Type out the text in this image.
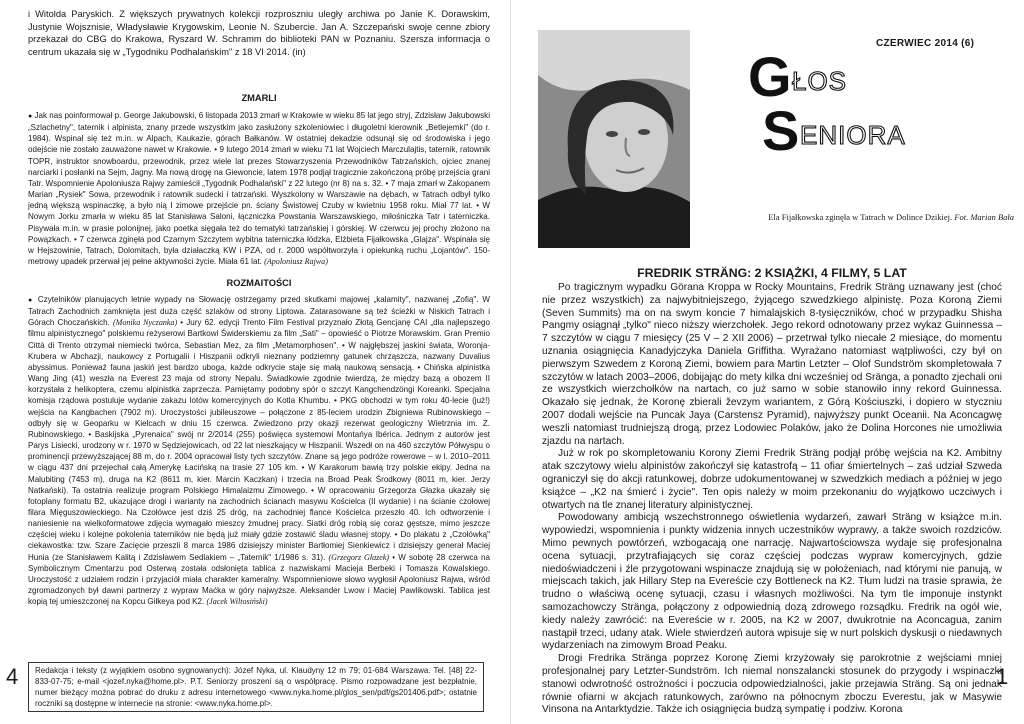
i Witolda Paryskich. Z większych prywatnych kolekcji rozproszniu uległy archiwa po Janie K. Dorawskim, Justynie Wojsznisie, Władysławie Krygowskim, Leonie N. Szubercie. Jan A. Szczepański swoje cenne zbiory przekazał do CBG do Krakowa, Ryszard W. Schramm do biblioteki PAN w Poznaniu. Szersza informacja o centrum ukazała się w „Tygodniku Podhalańskim" z 18 VI 2014. (in)

ZMARLI

● Jak nas poinformował p. George Jakubowski, 6 listopada 2013 zmarł w Krakowie w wieku 85 lat jego stryj, Zdzisław Jakubowski „Szlachetny", taternik i alpinista, znany przede wszystkim jako zasłużony szkoleniowiec i długoletni kierownik „Betlejemki" (do r. 1984). Wspinał się też m.in. w Alpach, Kaukazie, górach Bałkanów. W ostatniej dekadzie odsunął się od środowiska i jego odejście nie zostało zauważone nawet w Krakowie. • 9 lutego 2014 zmarł w wieku 71 lat Wojciech Marczulajtis, taternik, ratownik TOPR, instruktor snowboardu, przewodnik, przez wiele lat prezes Stowarzyszenia Przewodników Tatrzańskich, ojciec znanej narciarki i posłanki na Sejm, Jagny. Ma nową drogę na Giewoncie, latem 1978 podjął tragicznie zakończoną próbę przejścia grani Tatr. Wspomnienie Apoloniusza Rajwy zamieścił „Tygodnik Podhalański" z 22 lutego (nr 8) na s. 32. • 7 maja zmarł w Zakopanem Marian „Rysiek" Sowa, przewodnik i ratownik sudecki i tatrzański. Wyszkolony w Warszawie na dębach, w Tatrach odbył tylko jedną większą wspinaczkę, a było nią I zimowe przejście pn. ściany Świstowej Czuby w kwietniu 1958 roku. Miał 77 lat. • W Nowym Jorku zmarła w wieku 85 lat Stanisława Saloni, łączniczka Powstania Warszawskiego, miłośniczka Tatr i taterniczka. Pisywała m.in. w prasie polonijnej, jako poetka sięgała też do tematyki tatrzańskiej i górskiej. W czerwcu jej prochy złożono na Powązkach. • 7 czerwca zginęła pod Czarnym Szczytem wybitna taterniczka łódzka, Elżbieta Fijałkowska „Glajza". Wspinała się w Hejszowinie, Tatrach, Dolomitach, była działaczką KW i PZA, od r. 2000 współtworzyła i opiekunką ruchu „Lojantów". 150-metrowy upadek przerwał jej pełne aktywności życie. Miała 61 lat. (Apoloniusz Rajwa)

ROZMAITOŚCI

● Czytelników planujących letnie wypady na Słowację ostrzegamy przed skutkami majowej „kalamity", nazwanej „Zofią". W Tatrach Zachodnich zamknięta jest duża część szlaków od strony Liptowa. Zatarasowane są też ścieżki w Niskich Tatrach i Górach Choczańskich. (Monika Nyczanka) • Jury 62. edycji Trento Film Festival przyznało Złotą Gencjanę CAI „dla najlepszego filmu alpinistycznego" polskiemu reżyserowi Bartkowi Świderskiemu za film „Sati" – opowieść o Piotrze Morawskim. Gran Premio Città di Trento otrzymał niemiecki twórca, Sebastian Mez, za film „Metamorphosen". • W najgłębszej jaskini świata, Woronja-Krubera w Abchazji, naukowcy z Portugalii i Hiszpanii odkryli nieznany podziemny gatunek chrząszcza, nazwany Duvalius abyssimus. Poniewaź fauna jaskiń jest bardzo uboga, każde odkrycie staje się małą naukową sensacją. • Chińska alpinistka Wang Jing (41) weszła na Everest 23 maja od strony Nepalu. Świadkowie zgodnie twierdzą, że między bazą a obozem II korzystała z helikoptera, czemu alpinistka zaprzecza. Pamiętamy podobny spór o szczyt Kangchendzöngi Koreanki. Specjalna komisja rządowa postuluje wydanie zakazu lotów komercyjnych do Kotla Khumbu. • PKG obchodzi w tym roku 40-lecie (już!) wejścia na Kangbachen (7902 m). Uroczystości jubileuszowe – połączone z 85-leciem urodzin Zbigniewa Rubinowskiego – odbyły się w Geoparku w Kielcach w dniu 15 czerwca. Zwiedzono przy okazji rezerwat geologiczny Wietrznia im. Z. Rubinowskiego. • Baskijska „Pyrenaica" swój nr 2/2014 (255) poświęca systemowi Montańya Ibérica. Jednym z autorów jest Parys Lisiecki, urodzony w r. 1970 w Sędziejowicach, od 22 lat nieszkający w Hiszpanii. Wszedł on na 460 szczytów Półwyspu o prominencji przewyższającej 88 m, do r. 2004 opracował listy tych szczytów. Znane są jego podróże rowerowe – w l. 2010–2011 w ciągu 437 dni przejechał całą Amerykę Łacińską na trasie 27 105 km. • W Karakorum bawią trzy polskie ekipy. Jedna na Malubiting (7453 m), druga na K2 (8611 m, kier. Marcin Kaczkan) i trzecia na Broad Peak Środkowy (8011 m, kier. Jerzy Natkański). Ta ostatnia realizuje program Polskiego Himalaizmu Zimowego. • W opracowaniu Grzegorza Głazka ukazały się fotoplany formatu B2, ukazujące drogi i warianty na zachodnich ścianach masywu Kościelca (II wydanie) i na ścianie czołowej filara Mięguszowieckiego. Na Czołówce jest dziś 25 dróg, na zachodniej flance Kościelca przeszło 40. Ich odtworzenie i naniesienie na wielkoformatowe zdjęcia wymagało mieszcy żmudnej pracy. Siatki dróg robią się coraz gęstsze, mimo jeszcze częściej wieku i kolejne pokolenia taterników nie będą już miały gdzie zostawić śladu własnej stopy. • Do plakatu z „Czołówką" ciekawostka: tzw. Szare Zacięcie przeszli 8 marca 1986 dzisiejszy minister Bartłomiej Sienkiewicz i dzisiejszy generał Maciej Hunia (ze Stanisławem Kalitą i Zdzisławem Sedlakiem – „Taternik" 1/1986 s. 31). (Grzegorz Głazek) • W sobotę 28 czerwca na Symbolicznym Cmentarzu pod Osterwą została odsłonięta tablica z nazwiskami Macieja Berbeki i Tomasza Kowalskiego. Uroczystość z udziałem rodzin i przyjaciół miała charakter kameralny. Wspomnieniowe słowo wygłosił Apoloniusz Rajwa, wśród zgromadzonych był dawni partnerzy z wypraw Maćka w góry najwyższe. Aleksander Lwow i Maciej Pawlikowski. Tablica jest kopią tej umieszczonej na Kopcu Gilkeya pod K2. (Jacek Wiltosiński)

Redakcja i teksty (z wyjątkiem osobno sygnowanych): Józef Nyka, ul. Klaudyny 12 m 79; 01-684 Warszawa. Tel. [48] 22-833-07-75; e-mail <jozef.nyka@home.pl>. P.T. Seniorzy proszeni są o współpracę. Pismo rozpowadzane jest bezpłatnie, numer bieżący można pobrać do druku z adresu internetowego <www.nyka.home.pl/glos_sen/pdf/gs201406.pdf>; ostatnie roczniki są dostępne w internecie na stronie: <www.nyka.home.pl>.
4
CZERWIEC 2014 (6)
G ŁOS
S ENIORA
Ela Fijałkowska zginęła w Tatrach w Dolince Dzikiej. Fot. Marian Bała
FREDRIK STRÄNG: 2 KSIĄŻKI, 4 FILMY, 5 LAT

Po tragicznym wypadku Görana Kroppa w Rocky Mountains, Fredrik Sträng uznawany jest (choć nie przez wszystkich) za najwybitniejszego, żyjącego szwedzkiego alpinistę. Poza Koroną Ziemi (Seven Summits) ma on na swym koncie 7 himalajskich 8-tysięczników, choć w przypadku Shisha Pangmy osiągnął „tylko" nieco niższy wierzchołek. Jego rekord odnotowany przez wykaz Guinnessa – 7 szczytów w ciągu 7 miesięcy (25 V – 2 XII 2006) – przetrwał tylko niecałe 2 miesiące, do momentu uznania osiągnięcia Kanadyjczyka Daniela Griffitha. Wyrażano natomiast wątpliwości, czy był on pierwszym Szwedem z Koroną Ziemi, bowiem para Martin Letzter – Olof Sundström skompletowała 7 szczytów w latach 2003–2006, dobijając do mety kilka dni wcześniej od Sränga, a ponadto zjechali oni ze wszystkich wierzchołków na nartach, co już samo w sobie stanowiło inny rekord Guinnessa. Okazało się jednak, że Koronę zbierali ževzym wariantem, z Górą Kościuszki, i dopiero w styczniu 2007 dodali wejście na Puncak Jaya (Carstensz Pyramid), najwyższy punkt Oceanii. Na Aconcagwę weszli natomiast trudniejszą drogą, przez Lodowiec Polaków, jako że Dolina Horcones nie umożliwia zjazdu na nartach.
Już w rok po skompletowaniu Korony Ziemi Fredrik Sträng podjął próbę wejścia na K2. Ambitny atak szczytowy wielu alpinistów zakończył się katastrofą – 11 ofiar śmiertelnych – zaś udział Szweda ograniczył się do akcji ratunkowej, dobrze udokumentowanej w szwedzkich mediach a później w jego książce – „K2 na śmierć i życie". Ten opis należy w moim przekonaniu do wyjątkowo uczciwych i otwartych na tle znanej literatury alpinistycznej.
Powodowany ambicją wszechstronnego oświetlenia wydarzeń, zawarł Sträng w książce m.in. wypowiedzi, wspomnienia i punkty widzenia innych uczestników wyprawy, a także swoich rozdziców. Mimo pewnych powtórzeń, wzbogacają one narrację. Najwartościowsza wydaje się profesjonalna ocena sytuacji, przytrafiających się coraz częściej podczas wypraw komercyjnych, gdzie niedoświadczeni i źle przygotowani wspinacze znajdują się w położeniach, nad którymi nie panują, w miejscach takich, jak Hillary Step na Evereście czy Bottleneck na K2. Tłum ludzi na trasie sprawia, że trudno o właściwą ocenę sytuacji, czasu i własnych możliwości. Na tym tle imponuje instynkt samozachowczy Stränga, połączony z odpowiednią dozą zdrowego rozsądku. Fredrik na ogół wie, kiedy należy zawrócić: na Evereście w r. 2005, na K2 w 2007, dwukrotnie na Aconcagua, zanim nastąpił trzeci, udany atak. Wiele stwierdzeń autora wpisuje się w nurt polskich dyskusji o niedawnych wydarzeniach na zimowym Broad Peaku.
Drogi Fredrika Stränga poprzez Koronę Ziemi krzyżowały się parokrotnie z wejściami mniej profesjonalnej pary Letzter-Sundström. Ich niemal nonszalancki stosunek do przygody i wspinaczki stanowi odwrotność ostrożności i poczucia odpowiedzialności, jakie przejawia Sträng. Są oni jednak równie ofiarni w akcjach ratunkowych, zarówno na północnym zboczu Everestu, jak w Masywie Vinsona na Antarktydzie. Także ich osiągnięcia budzą sympatię i podziw. Korona

1
